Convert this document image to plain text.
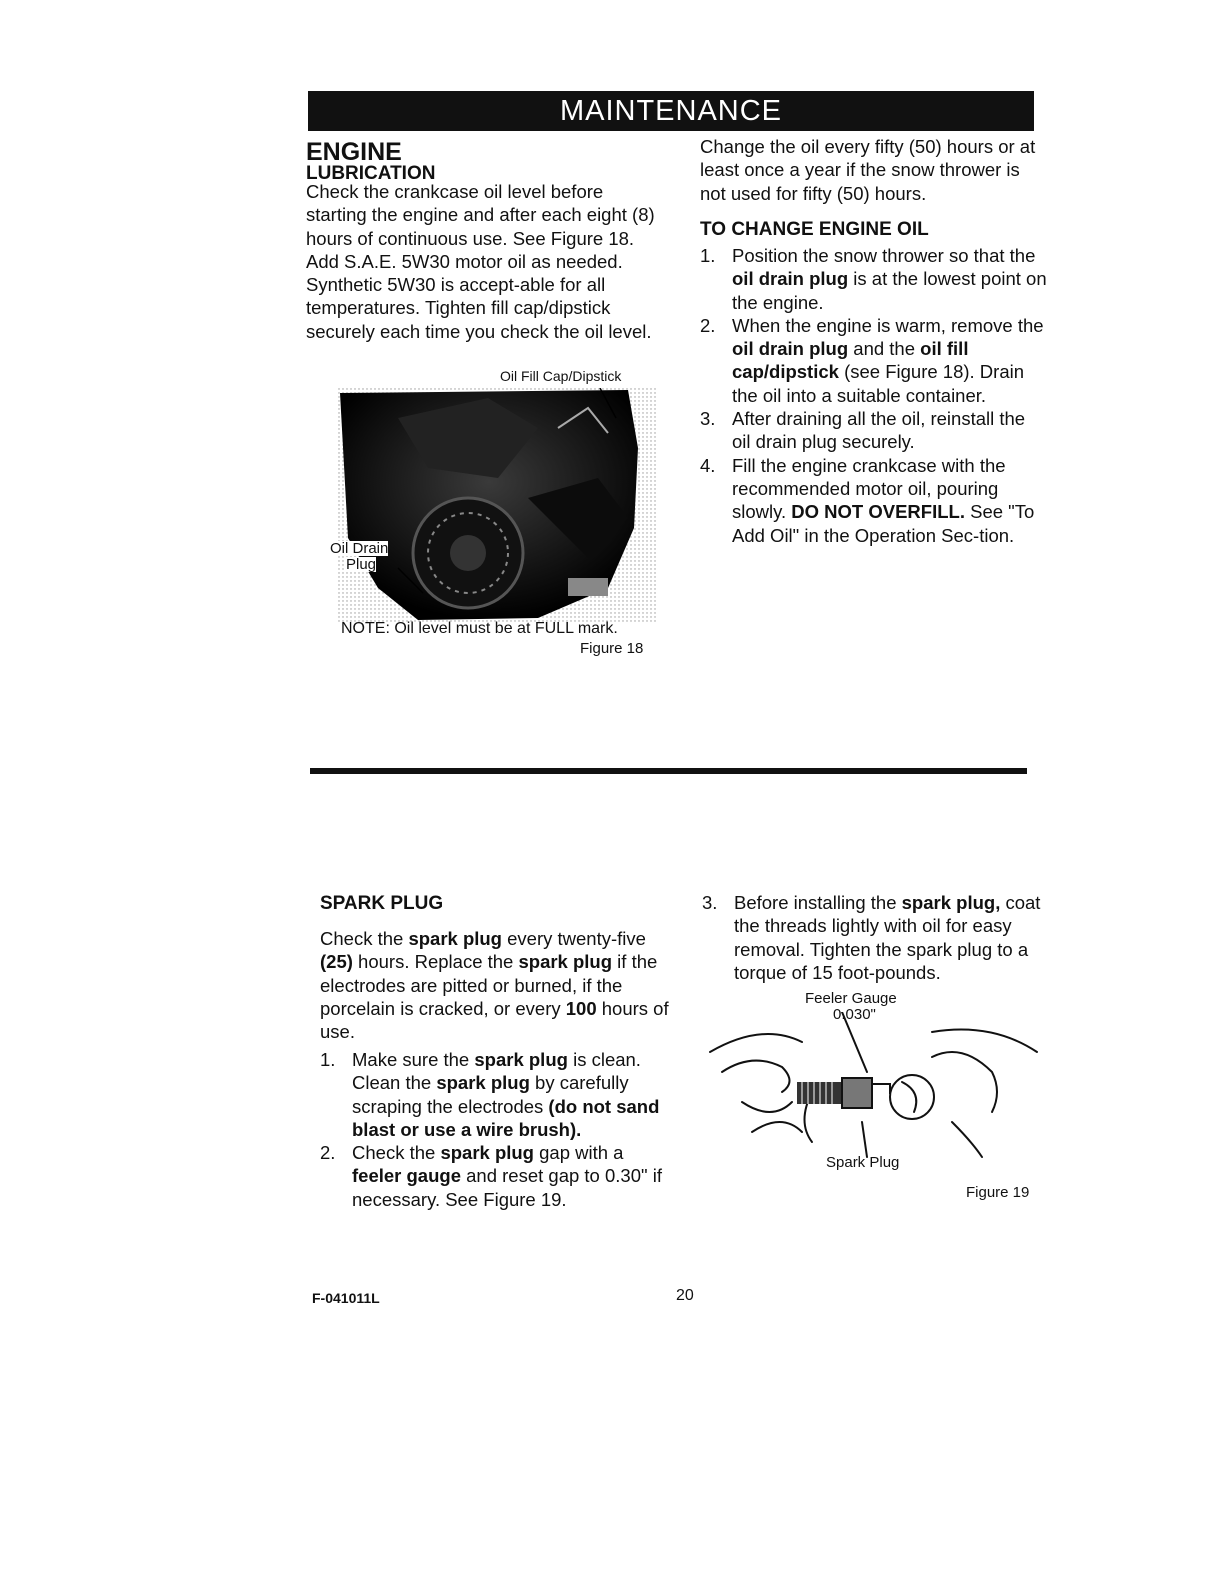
MAINTENANCE
ENGINE
LUBRICATION
Check the crankcase oil level before starting the engine and after each eight (8) hours of continuous use. See Figure 18. Add S.A.E. 5W30 motor oil as needed. Synthetic 5W30 is accept-able for all temperatures. Tighten fill cap/dipstick securely each time you check the oil level.
Oil Fill Cap/Dipstick
Oil Drain
Plug
NOTE: Oil level must be at FULL mark.
Figure 18
Change the oil every fifty (50) hours or at least once a year if the snow thrower is not used for fifty (50) hours.
TO CHANGE ENGINE OIL
1. Position the snow thrower so that the oil drain plug is at the lowest point on the engine.
2. When the engine is warm, remove the oil drain plug and the oil fill cap/dipstick (see Figure 18). Drain the oil into a suitable container.
3. After draining all the oil, reinstall the oil drain plug securely.
4. Fill the engine crankcase with the recommended motor oil, pouring slowly. DO NOT OVERFILL. See "To Add Oil" in the Operation Sec-tion.
SPARK PLUG
Check the spark plug every twenty-five (25) hours. Replace the spark plug if the electrodes are pitted or burned, if the porcelain is cracked, or every 100 hours of use.
1. Make sure the spark plug is clean. Clean the spark plug by carefully scraping the electrodes (do not sand blast or use a wire brush).
2. Check the spark plug gap with a feeler gauge and reset gap to 0.30" if necessary. See Figure 19.
3. Before installing the spark plug, coat the threads lightly with oil for easy removal. Tighten the spark plug to a torque of 15 foot-pounds.
Feeler Gauge
0.030"
Spark Plug
Figure 19
F-041011L	20
